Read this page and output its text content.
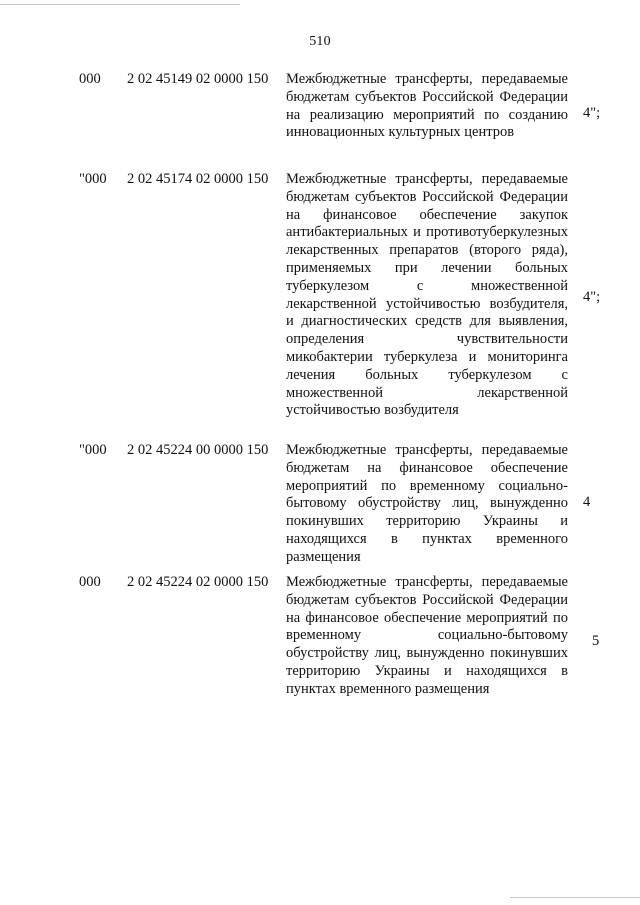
510
000 2 02 45149 02 0000 150 Межбюджетные трансферты, передаваемые бюджетам субъектов Российской Федерации на реализацию мероприятий по созданию инновационных культурных центров

4";
"000 2 02 45174 02 0000 150 Межбюджетные трансферты, передаваемые бюджетам субъектов Российской Федерации на финансовое обеспечение закупок антибактериальных и противотуберкулезных лекарственных препаратов (второго ряда), применяемых при лечении больных туберкулезом с множественной лекарственной устойчивостью возбудителя, и диагностических средств для выявления, определения чувствительности микобактерии туберкулеза и мониторинга лечения больных туберкулезом с множественной лекарственной устойчивостью возбудителя

4";
"000 2 02 45224 00 0000 150 Межбюджетные трансферты, передаваемые бюджетам на финансовое обеспечение мероприятий по временному социально-бытовому обустройству лиц, вынужденно покинувших территорию Украины и находящихся в пунктах временного размещения

4
000 2 02 45224 02 0000 150 Межбюджетные трансферты, передаваемые бюджетам субъектов Российской Федерации на финансовое обеспечение мероприятий по временному социально-бытовому обустройству лиц, вынужденно покинувших территорию Украины и находящихся в пунктах временного размещения

5
